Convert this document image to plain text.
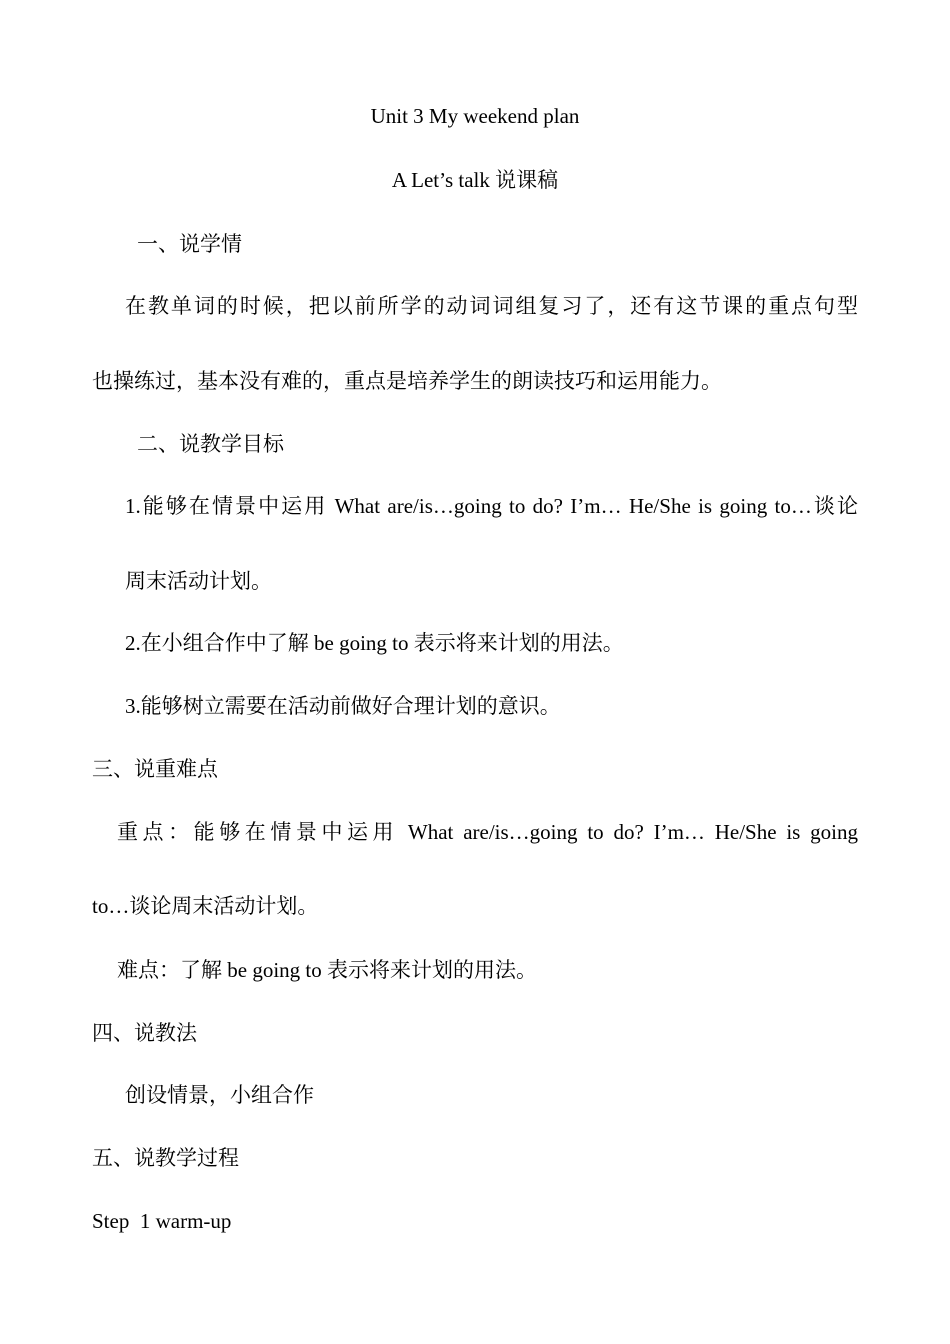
Unit 3 My weekend plan

A Let’s talk 说课稿

一、说学情

在教单词的时候，把以前所学的动词词组复习了，还有这节课的重点句型

也操练过，基本没有难的，重点是培养学生的朗读技巧和运用能力。

二、说教学目标

1.能够在情景中运用 What are/is…going to do? I’m… He/She is going to…谈论

周末活动计划。

2.在小组合作中了解 be going to 表示将来计划的用法。

3.能够树立需要在活动前做好合理计划的意识。

三、说重难点

重点：能够在情景中运用 What are/is…going to do? I’m… He/She is going

to…谈论周末活动计划。

难点：了解 be going to 表示将来计划的用法。

四、说教法

创设情景，小组合作

五、说教学过程

Step  1 warm-up
